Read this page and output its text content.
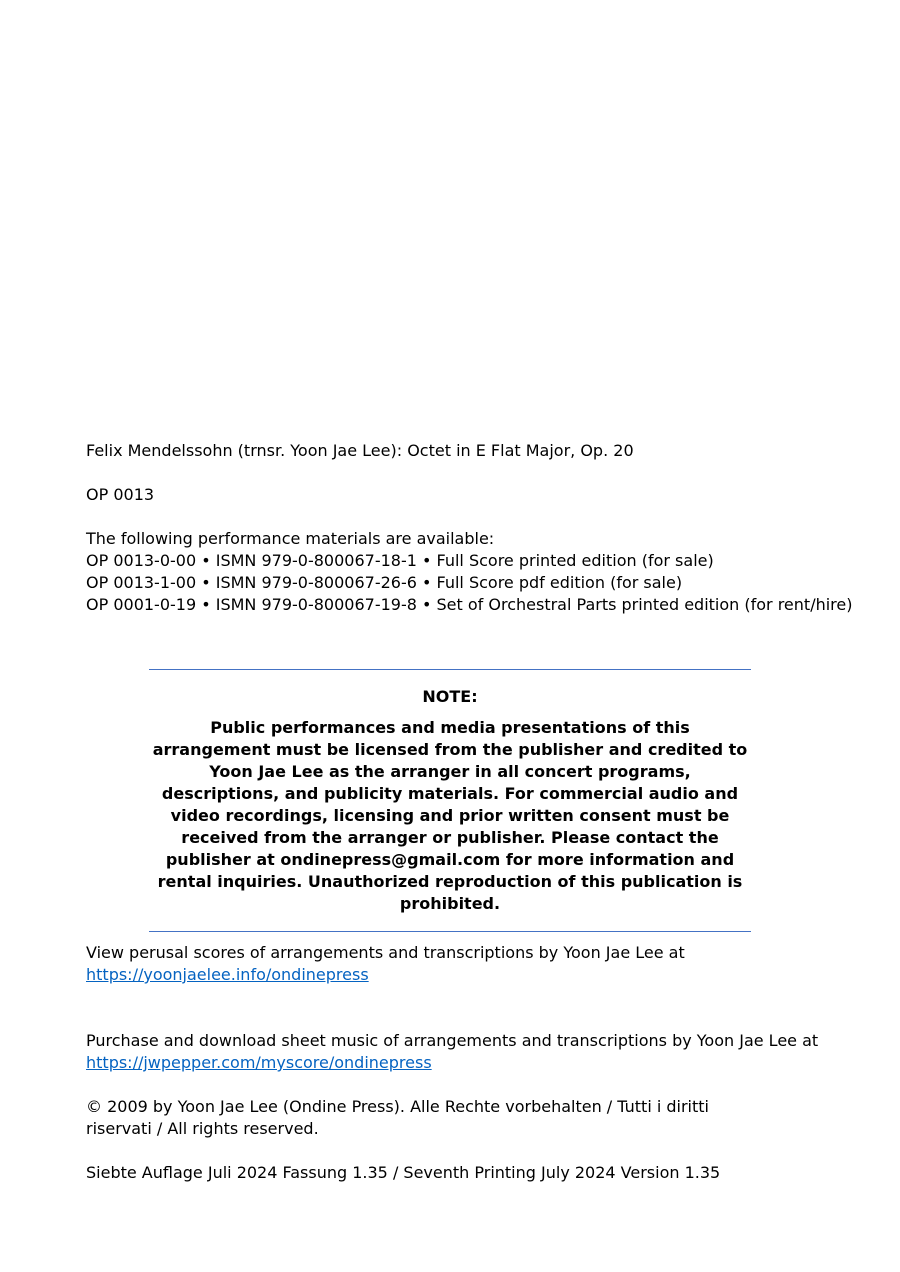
Felix Mendelssohn (trnsr. Yoon Jae Lee): Octet in E Flat Major, Op. 20

OP 0013

The following performance materials are available:
OP 0013-0-00 • ISMN 979-0-800067-18-1 • Full Score printed edition (for sale)
OP 0013-1-00 • ISMN 979-0-800067-26-6 • Full Score pdf edition (for sale)
OP 0001-0-19 • ISMN 979-0-800067-19-8 • Set of Orchestral Parts printed edition (for rent/hire)
NOTE:
Public performances and media presentations of this arrangement must be licensed from the publisher and credited to Yoon Jae Lee as the arranger in all concert programs, descriptions, and publicity materials. For commercial audio and video recordings, licensing and prior written consent must be received from the arranger or publisher. Please contact the publisher at ondinepress@gmail.com for more information and rental inquiries. Unauthorized reproduction of this publication is prohibited.
View perusal scores of arrangements and transcriptions by Yoon Jae Lee at
https://yoonjaelee.info/ondinepress
Purchase and download sheet music of arrangements and transcriptions by Yoon Jae Lee at
https://jwpepper.com/myscore/ondinepress

© 2009 by Yoon Jae Lee (Ondine Press). Alle Rechte vorbehalten / Tutti i diritti riservati / All rights reserved.

Siebte Auflage Juli 2024 Fassung 1.35 / Seventh Printing July 2024 Version 1.35
